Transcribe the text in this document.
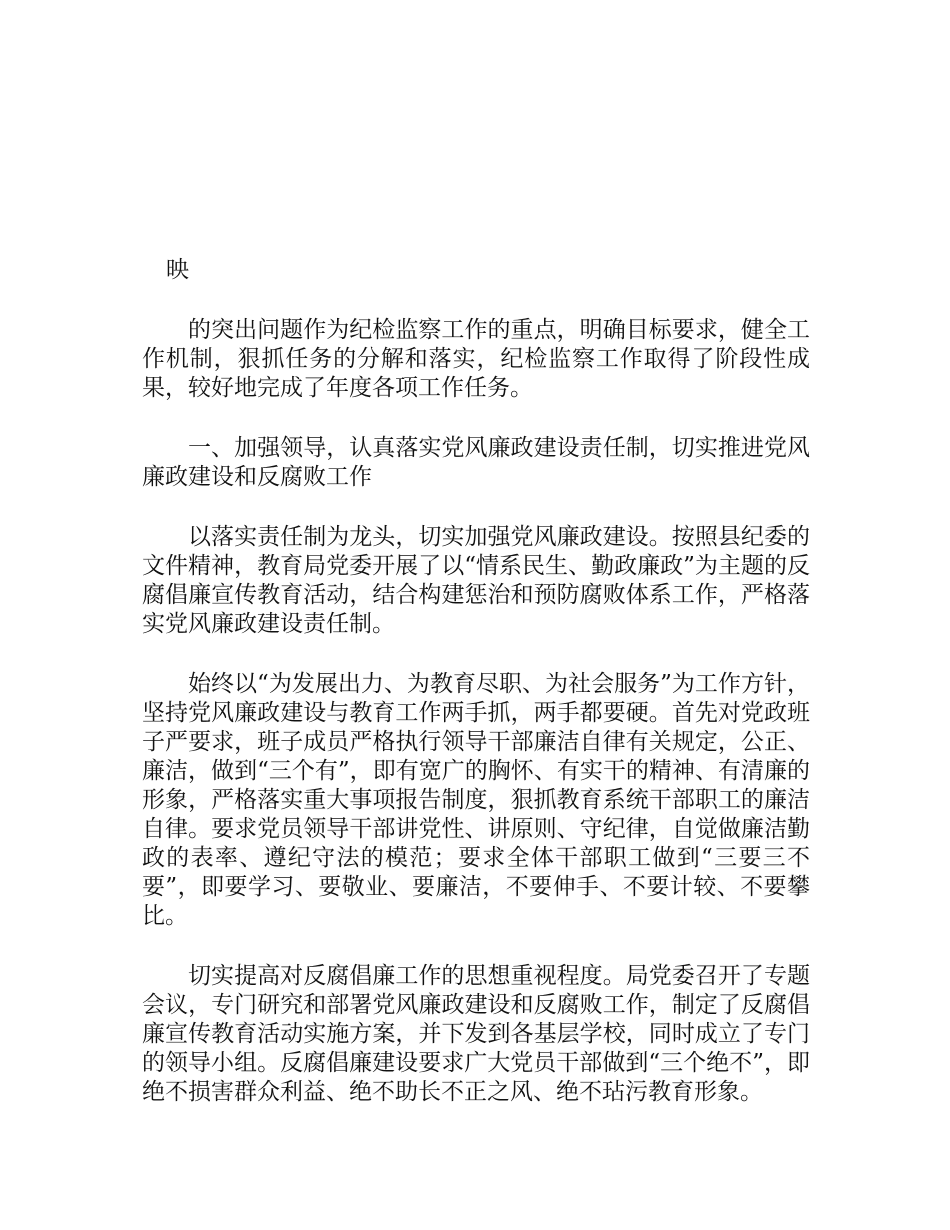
映

的突出问题作为纪检监察工作的重点，明确目标要求，健全工作机制，狠抓任务的分解和落实，纪检监察工作取得了阶段性成果，较好地完成了年度各项工作任务。

一、加强领导，认真落实党风廉政建设责任制，切实推进党风廉政建设和反腐败工作

以落实责任制为龙头，切实加强党风廉政建设。按照县纪委的文件精神，教育局党委开展了以“情系民生、勤政廉政”为主题的反腐倡廉宣传教育活动，结合构建惩治和预防腐败体系工作，严格落实党风廉政建设责任制。

始终以“为发展出力、为教育尽职、为社会服务”为工作方针，坚持党风廉政建设与教育工作两手抓，两手都要硬。首先对党政班子严要求，班子成员严格执行领导干部廉洁自律有关规定，公正、廉洁，做到“三个有”，即有宽广的胸怀、有实干的精神、有清廉的形象，严格落实重大事项报告制度，狠抓教育系统干部职工的廉洁自律。要求党员领导干部讲党性、讲原则、守纪律，自觉做廉洁勤政的表率、遵纪守法的模范；要求全体干部职工做到“三要三不要”，即要学习、要敬业、要廉洁，不要伸手、不要计较、不要攀比。

切实提高对反腐倡廉工作的思想重视程度。局党委召开了专题会议，专门研究和部署党风廉政建设和反腐败工作，制定了反腐倡廉宣传教育活动实施方案，并下发到各基层学校，同时成立了专门的领导小组。反腐倡廉建设要求广大党员干部做到“三个绝不”，即绝不损害群众利益、绝不助长不正之风、绝不玷污教育形象。
